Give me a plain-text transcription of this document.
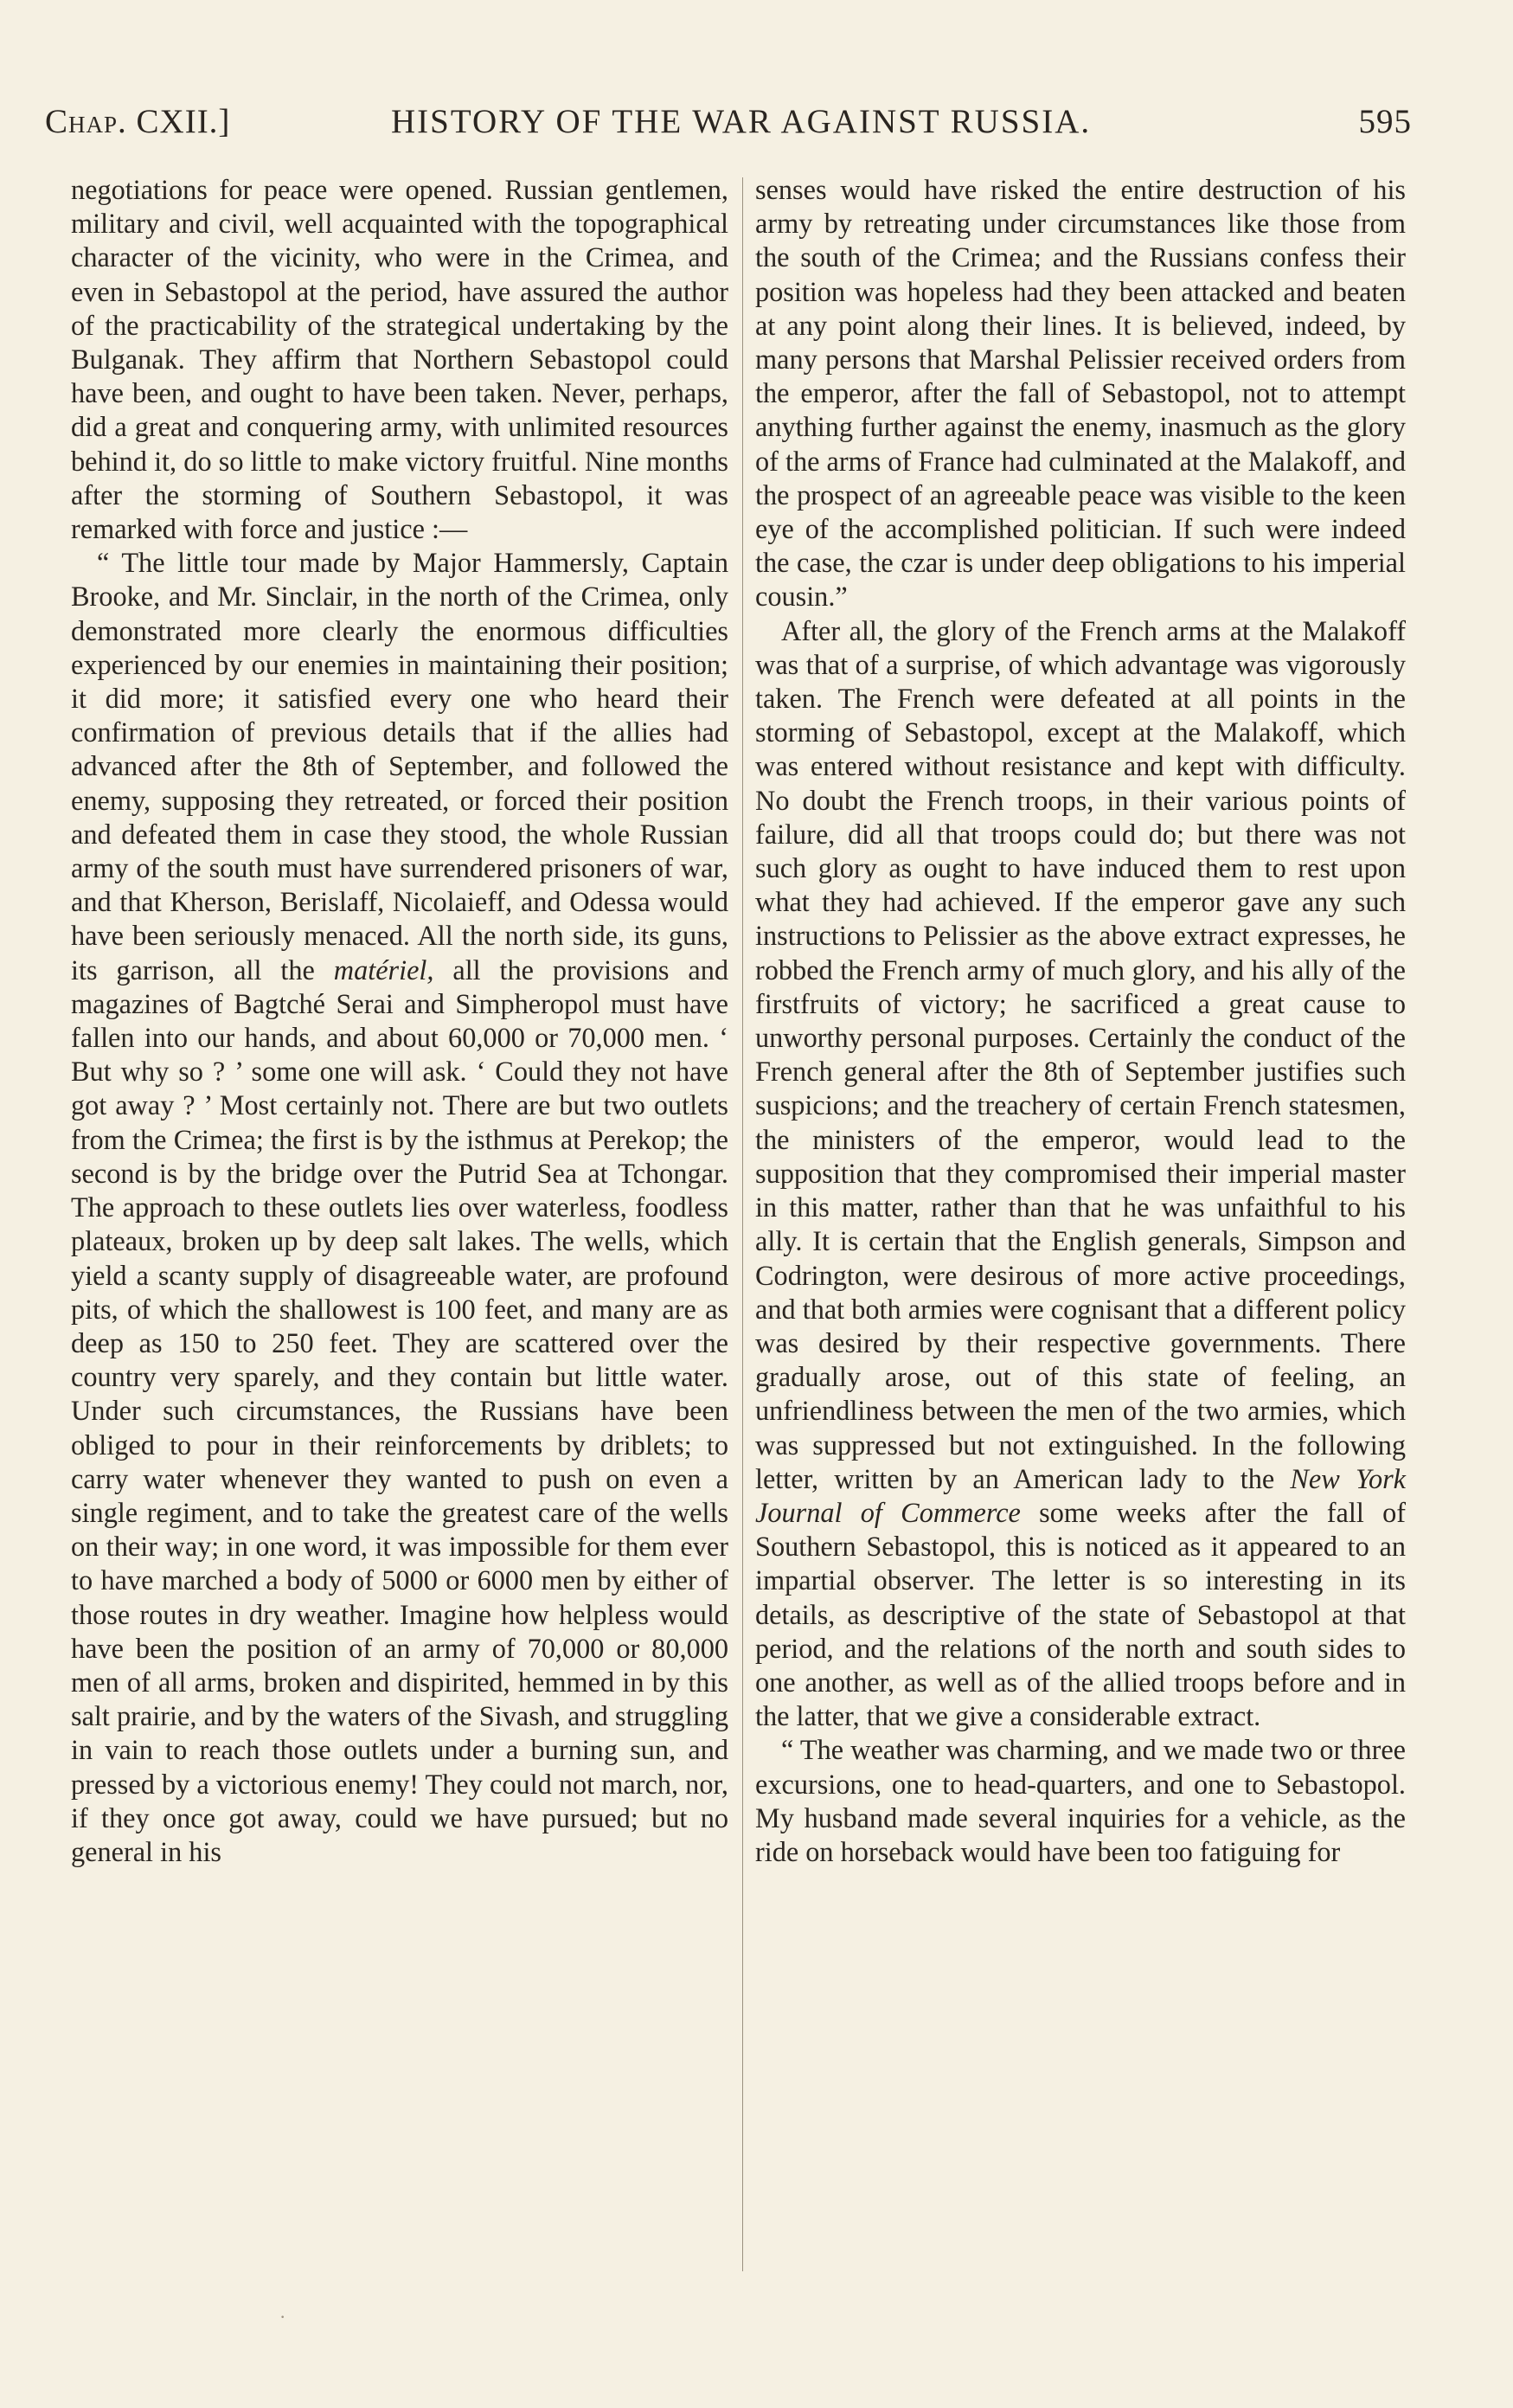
Chap. CXII.]	HISTORY OF THE WAR AGAINST RUSSIA.	595

negotiations for peace were opened. Russian gentlemen, military and civil, well acquainted with the topographical character of the vicinity, who were in the Crimea, and even in Sebastopol at the period, have assured the author of the practicability of the strategical undertaking by the Bulganak. They affirm that Northern Sebastopol could have been, and ought to have been taken. Never, perhaps, did a great and conquering army, with unlimited resources behind it, do so little to make victory fruitful. Nine months after the storming of Southern Sebastopol, it was remarked with force and justice :—

“ The little tour made by Major Hammersly, Captain Brooke, and Mr. Sinclair, in the north of the Crimea, only demonstrated more clearly the enormous difficulties experienced by our enemies in maintaining their position; it did more; it satisfied every one who heard their confirmation of previous details that if the allies had advanced after the 8th of September, and followed the enemy, supposing they retreated, or forced their position and defeated them in case they stood, the whole Russian army of the south must have surrendered prisoners of war, and that Kherson, Berislaff, Nicolaieff, and Odessa would have been seriously menaced. All the north side, its guns, its garrison, all the matériel, all the provisions and magazines of Bagtché Serai and Simpheropol must have fallen into our hands, and about 60,000 or 70,000 men. ‘ But why so ? ’ some one will ask. ‘ Could they not have got away ? ’ Most certainly not. There are but two outlets from the Crimea; the first is by the isthmus at Perekop; the second is by the bridge over the Putrid Sea at Tchongar. The approach to these outlets lies over waterless, foodless plateaux, broken up by deep salt lakes. The wells, which yield a scanty supply of disagreeable water, are profound pits, of which the shallowest is 100 feet, and many are as deep as 150 to 250 feet. They are scattered over the country very sparely, and they contain but little water. Under such circumstances, the Russians have been obliged to pour in their reinforcements by driblets; to carry water whenever they wanted to push on even a single regiment, and to take the greatest care of the wells on their way; in one word, it was impossible for them ever to have marched a body of 5000 or 6000 men by either of those routes in dry weather. Imagine how helpless would have been the position of an army of 70,000 or 80,000 men of all arms, broken and dispirited, hemmed in by this salt prairie, and by the waters of the Sivash, and struggling in vain to reach those outlets under a burning sun, and pressed by a victorious enemy! They could not march, nor, if they once got away, could we have pursued; but no general in his

senses would have risked the entire destruction of his army by retreating under circumstances like those from the south of the Crimea; and the Russians confess their position was hopeless had they been attacked and beaten at any point along their lines. It is believed, indeed, by many persons that Marshal Pelissier received orders from the emperor, after the fall of Sebastopol, not to attempt anything further against the enemy, inasmuch as the glory of the arms of France had culminated at the Malakoff, and the prospect of an agreeable peace was visible to the keen eye of the accomplished politician. If such were indeed the case, the czar is under deep obligations to his imperial cousin.”

After all, the glory of the French arms at the Malakoff was that of a surprise, of which advantage was vigorously taken. The French were defeated at all points in the storming of Sebastopol, except at the Malakoff, which was entered without resistance and kept with difficulty. No doubt the French troops, in their various points of failure, did all that troops could do; but there was not such glory as ought to have induced them to rest upon what they had achieved. If the emperor gave any such instructions to Pelissier as the above extract expresses, he robbed the French army of much glory, and his ally of the firstfruits of victory; he sacrificed a great cause to unworthy personal purposes. Certainly the conduct of the French general after the 8th of September justifies such suspicions; and the treachery of certain French statesmen, the ministers of the emperor, would lead to the supposition that they compromised their imperial master in this matter, rather than that he was unfaithful to his ally. It is certain that the English generals, Simpson and Codrington, were desirous of more active proceedings, and that both armies were cognisant that a different policy was desired by their respective governments. There gradually arose, out of this state of feeling, an unfriendliness between the men of the two armies, which was suppressed but not extinguished. In the following letter, written by an American lady to the New York Journal of Commerce some weeks after the fall of Southern Sebastopol, this is noticed as it appeared to an impartial observer. The letter is so interesting in its details, as descriptive of the state of Sebastopol at that period, and the relations of the north and south sides to one another, as well as of the allied troops before and in the latter, that we give a considerable extract.

“ The weather was charming, and we made two or three excursions, one to head-quarters, and one to Sebastopol. My husband made several inquiries for a vehicle, as the ride on horseback would have been too fatiguing for

·
